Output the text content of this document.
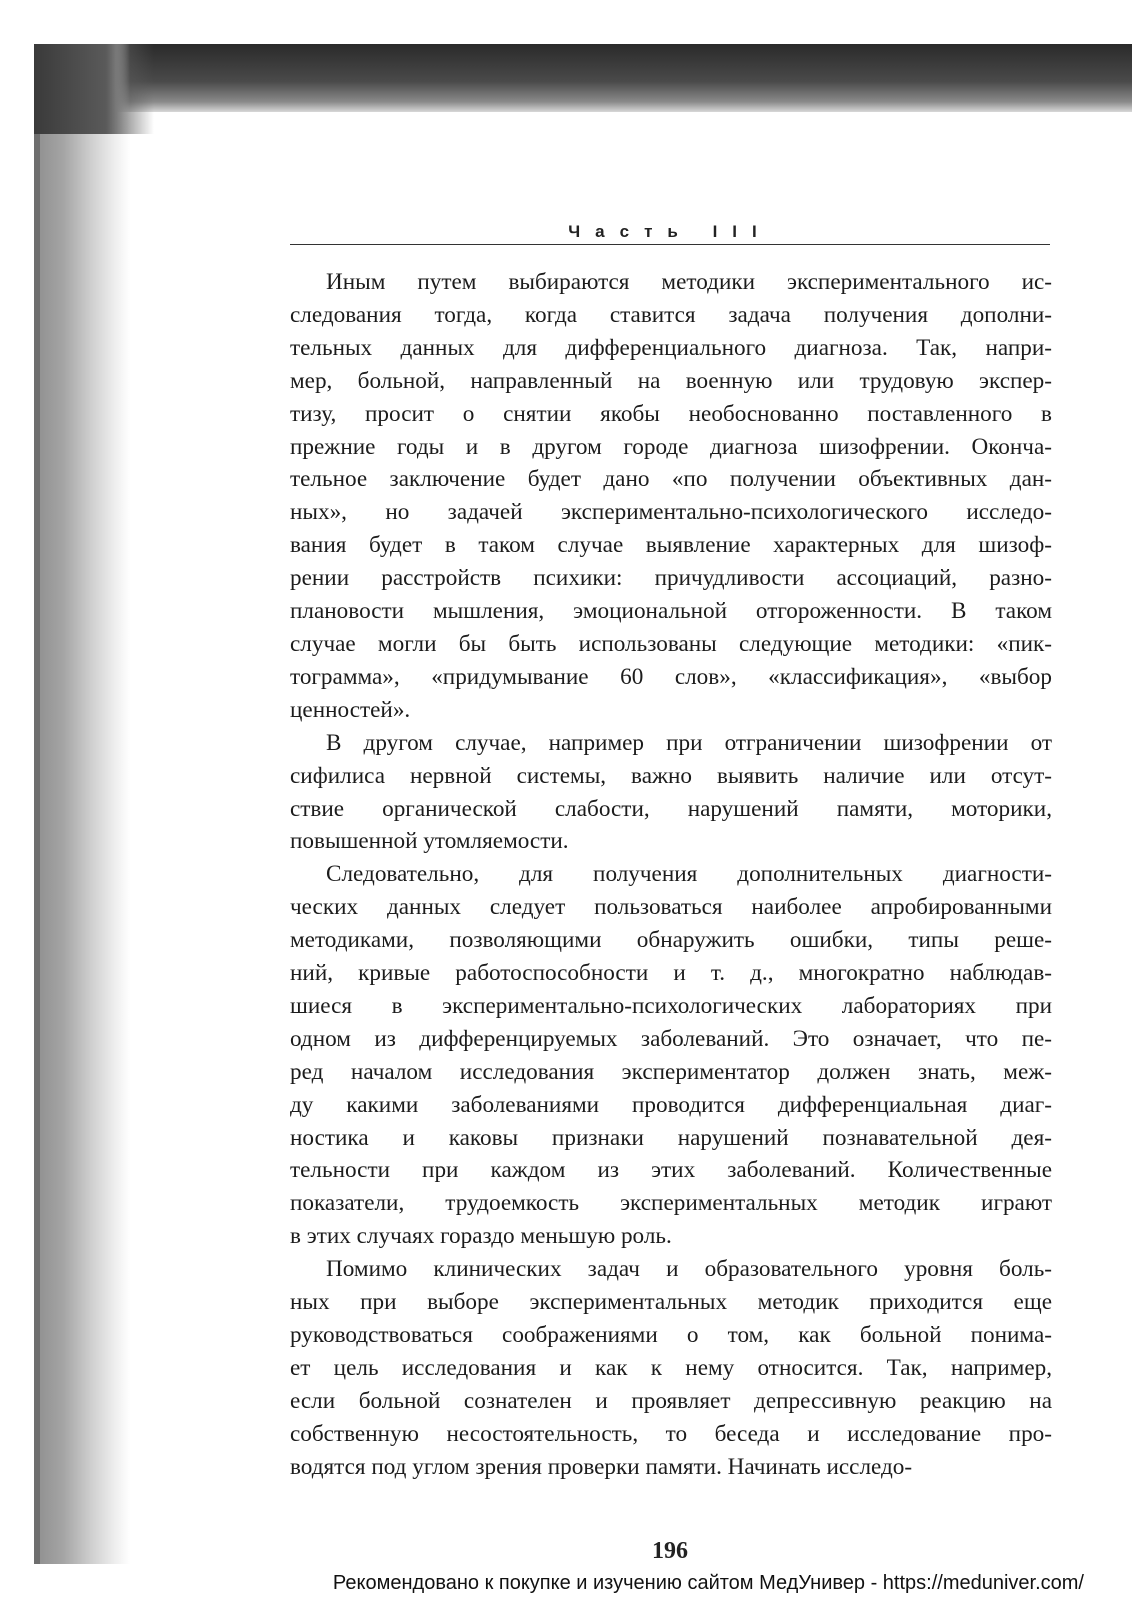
Часть III

Иным путем выбираются методики экспериментального ис-
следования тогда, когда ставится задача получения дополни-
тельных данных для дифференциального диагноза. Так, напри-
мер, больной, направленный на военную или трудовую экспер-
тизу, просит о снятии якобы необоснованно поставленного в
прежние годы и в другом городе диагноза шизофрении. Оконча-
тельное заключение будет дано «по получении объективных дан-
ных», но задачей экспериментально-психологического исследо-
вания будет в таком случае выявление характерных для шизоф-
рении расстройств психики: причудливости ассоциаций, разно-
плановости мышления, эмоциональной отгороженности. В таком
случае могли бы быть использованы следующие методики: «пик-
тограмма», «придумывание 60 слов», «классификация», «выбор
ценностей».

В другом случае, например при отграничении шизофрении от
сифилиса нервной системы, важно выявить наличие или отсут-
ствие органической слабости, нарушений памяти, моторики,
повышенной утомляемости.

Следовательно, для получения дополнительных диагности-
ческих данных следует пользоваться наиболее апробированными
методиками, позволяющими обнаружить ошибки, типы реше-
ний, кривые работоспособности и т. д., многократно наблюдав-
шиеся в экспериментально-психологических лабораториях при
одном из дифференцируемых заболеваний. Это означает, что пе-
ред началом исследования экспериментатор должен знать, меж-
ду какими заболеваниями проводится дифференциальная диаг-
ностика и каковы признаки нарушений познавательной дея-
тельности при каждом из этих заболеваний. Количественные
показатели, трудоемкость экспериментальных методик играют
в этих случаях гораздо меньшую роль.

Помимо клинических задач и образовательного уровня боль-
ных при выборе экспериментальных методик приходится еще
руководствоваться соображениями о том, как больной понима-
ет цель исследования и как к нему относится. Так, например,
если больной сознателен и проявляет депрессивную реакцию на
собственную несостоятельность, то беседа и исследование про-
водятся под углом зрения проверки памяти. Начинать исследо-

196
Рекомендовано к покупке и изучению сайтом МедУнивер - https://meduniver.com/
